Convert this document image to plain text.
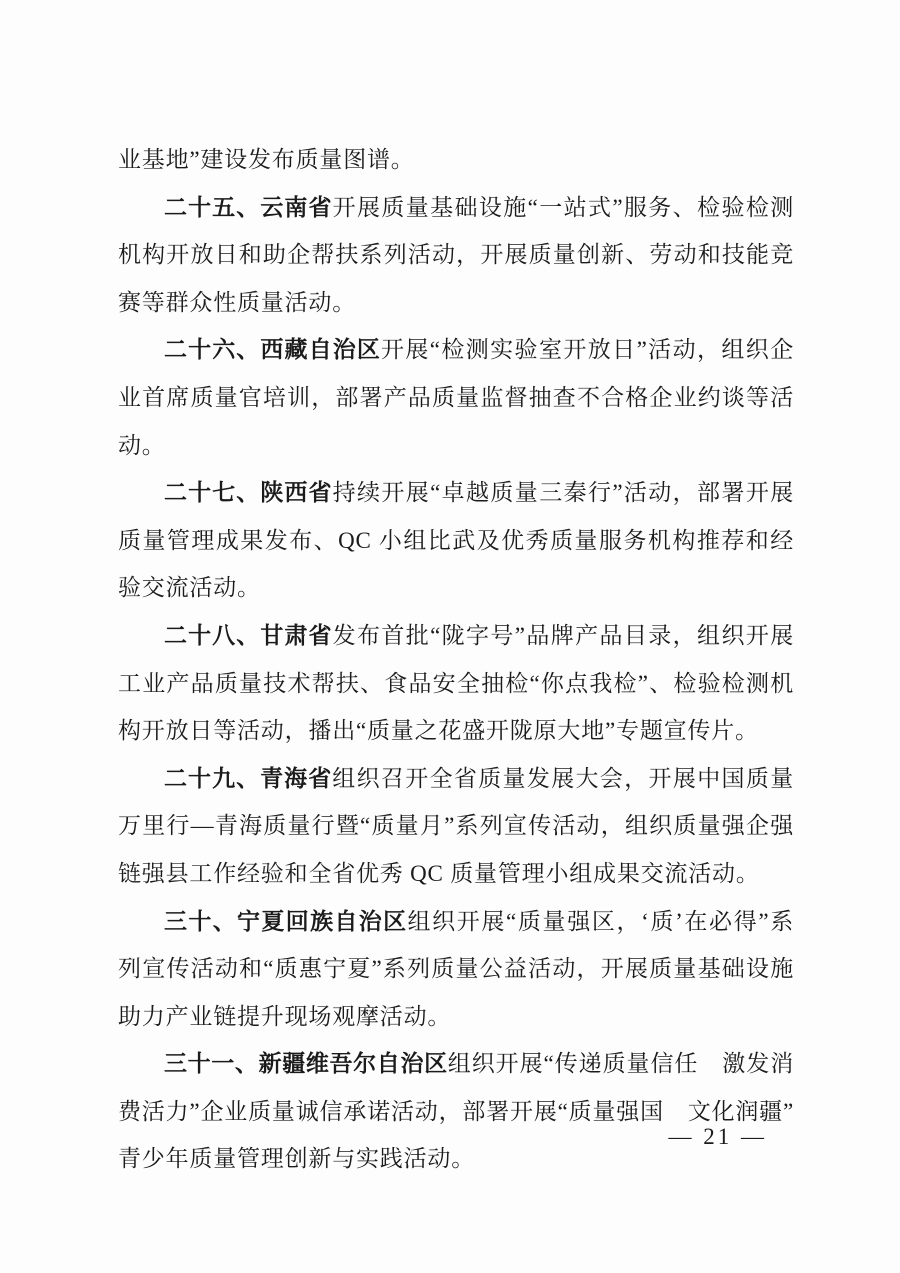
业基地”建设发布质量图谱。

二十五、云南省开展质量基础设施“一站式”服务、检验检测机构开放日和助企帮扶系列活动，开展质量创新、劳动和技能竞赛等群众性质量活动。

二十六、西藏自治区开展“检测实验室开放日”活动，组织企业首席质量官培训，部署产品质量监督抽查不合格企业约谈等活动。

二十七、陕西省持续开展“卓越质量三秦行”活动，部署开展质量管理成果发布、QC 小组比武及优秀质量服务机构推荐和经验交流活动。

二十八、甘肃省发布首批“陇字号”品牌产品目录，组织开展工业产品质量技术帮扶、食品安全抽检“你点我检”、检验检测机构开放日等活动，播出“质量之花盛开陇原大地”专题宣传片。

二十九、青海省组织召开全省质量发展大会，开展中国质量万里行—青海质量行暨“质量月”系列宣传活动，组织质量强企强链强县工作经验和全省优秀 QC 质量管理小组成果交流活动。

三十、宁夏回族自治区组织开展“质量强区，‘质’在必得”系列宣传活动和“质惠宁夏”系列质量公益活动，开展质量基础设施助力产业链提升现场观摩活动。

三十一、新疆维吾尔自治区组织开展“传递质量信任　激发消费活力”企业质量诚信承诺活动，部署开展“质量强国　文化润疆”青少年质量管理创新与实践活动。

— 21 —
